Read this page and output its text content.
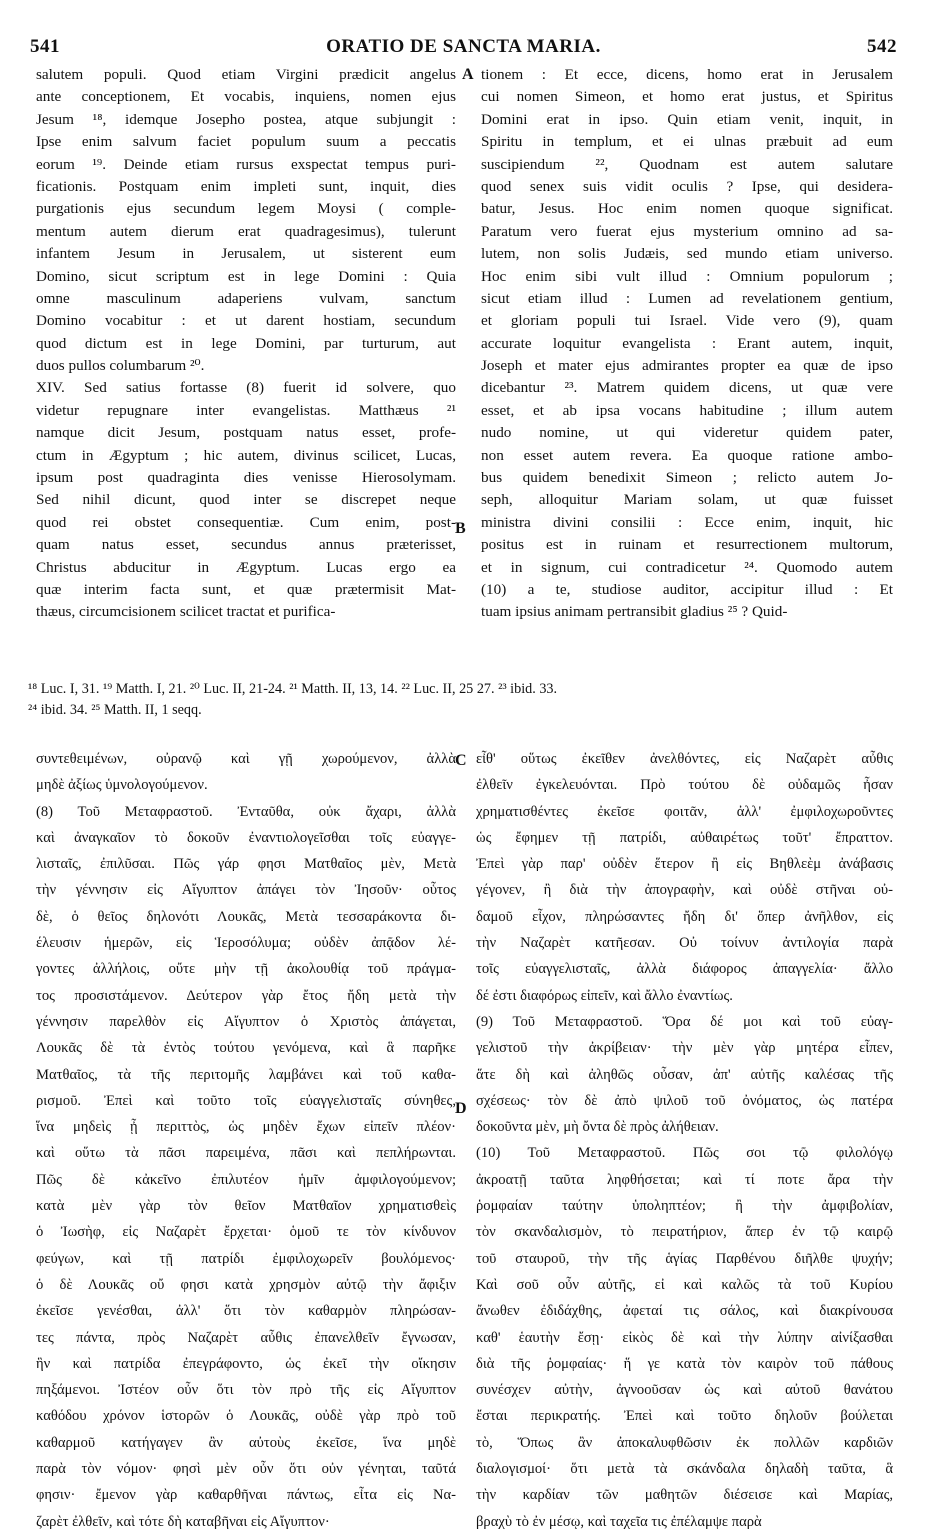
541	ORATIO DE SANCTA MARIA.	542
salutem populi. Quod etiam Virgini prædicit angelus
ante conceptionem, Et vocabis, inquiens, nomen ejus
Jesum ¹⁸, idemque Josepho postea, atque subjungit :
Ipse enim salvum faciet populum suum a peccatis
eorum ¹⁹. Deinde etiam rursus exspectat tempus puri-
ficationis. Postquam enim impleti sunt, inquit, dies
purgationis ejus secundum legem Moysi ( comple-
mentum autem dierum erat quadragesimus), tulerunt
infantem Jesum in Jerusalem, ut sisterent eum
Domino, sicut scriptum est in lege Domini : Quia
omne masculinum adaperiens vulvam, sanctum
Domino vocabitur : et ut darent hostiam, secundum
quod dictum est in lege Domini, par turturum, aut
duos pullos columbarum ²⁰.
XIV. Sed satius fortasse (8) fuerit id solvere, quo
videtur repugnare inter evangelistas. Matthæus ²¹
namque dicit Jesum, postquam natus esset, profe-
ctum in Ægyptum ; hic autem, divinus scilicet, Lucas,
ipsum post quadraginta dies venisse Hierosolymam.
Sed nihil dicunt, quod inter se discrepet neque
quod rei obstet consequentiæ. Cum enim, post-
quam natus esset, secundus annus præterisset,
Christus abducitur in Ægyptum. Lucas ergo ea
quæ interim facta sunt, et quæ prætermisit Mat-
thæus, circumcisionem scilicet tractat et purifica-
tionem : Et ecce, dicens, homo erat in Jerusalem
cui nomen Simeon, et homo erat justus, et Spiritus
Domini erat in ipso. Quin etiam venit, inquit, in
Spiritu in templum, et ei ulnas præbuit ad eum
suscipiendum ²², Quodnam est autem salutare
quod senex suis vidit oculis ? Ipse, qui desidera-
batur, Jesus. Hoc enim nomen quoque significat.
Paratum vero fuerat ejus mysterium omnino ad sa-
lutem, non solis Judæis, sed mundo etiam universo.
Hoc enim sibi vult illud : Omnium populorum ;
sicut etiam illud : Lumen ad revelationem gentium,
et gloriam populi tui Israel. Vide vero (9), quam
accurate loquitur evangelista : Erant autem, inquit,
Joseph et mater ejus admirantes propter ea quæ de ipso
dicebantur ²³. Matrem quidem dicens, ut quæ vere
esset, et ab ipsa vocans habitudine ; illum autem
nudo nomine, ut qui videretur quidem pater,
non esset autem revera. Ea quoque ratione ambo-
bus quidem benedixit Simeon ; relicto autem Jo-
seph, alloquitur Mariam solam, ut quæ fuisset
ministra divini consilii : Ecce enim, inquit, hic
positus est in ruinam et resurrectionem multorum,
et in signum, cui contradicetur ²⁴. Quomodo autem
(10) a te, studiose auditor, accipitur illud : Et
tuam ipsius animam pertransibit gladius ²⁵ ? Quid-
A
B
C
D
¹⁸ Luc. I, 31. ¹⁹ Matth. I, 21. ²⁰ Luc. II, 21-24. ²¹ Matth. II, 13, 14. ²² Luc. II, 25 27. ²³ ibid. 33.
²⁴ ibid. 34. ²⁵ Matth. II, 1 seqq.
συντεθειμένων, οὐρανῷ καὶ γῇ χωρούμενον, ἀλλὰ
μηδὲ ἀξίως ὑμνολογούμενον.
(8) Τοῦ Μεταφραστοῦ. Ἐνταῦθα, οὐκ ἄχαρι, ἀλλὰ
καὶ ἀναγκαῖον τὸ δοκοῦν ἐναντιολογεῖσθαι τοῖς εὐαγγε-
λισταῖς, ἐπιλῦσαι. Πῶς γάρ φησι Ματθαῖος μὲν, Μετὰ
τὴν γέννησιν εἰς Αἴγυπτον ἀπάγει τὸν Ἰησοῦν· οὗτος
δὲ, ὁ θεῖος δηλονότι Λουκᾶς, Μετὰ τεσσαράκοντα δι-
έλευσιν ἡμερῶν, εἰς Ἱεροσόλυμα; οὐδὲν ἀπᾷδον λέ-
γοντες ἀλλήλοις, οὔτε μὴν τῇ ἀκολουθίᾳ τοῦ πράγμα-
τος προσιστάμενον. Δεύτερον γὰρ ἔτος ἤδη μετὰ τὴν
γέννησιν παρελθὸν εἰς Αἴγυπτον ὁ Χριστὸς ἀπάγεται,
Λουκᾶς δὲ τὰ ἐντὸς τούτου γενόμενα, καὶ ἃ παρῆκε
Ματθαῖος, τὰ τῆς περιτομῆς λαμβάνει καὶ τοῦ καθα-
ρισμοῦ. Ἐπεὶ καὶ τοῦτο τοῖς εὐαγγελισταῖς σύνηθες,
ἵνα μηδεὶς ᾖ περιττὸς, ὡς μηδὲν ἔχων εἰπεῖν πλέον·
καὶ οὕτω τὰ πᾶσι παρειμένα, πᾶσι καὶ πεπλήρωνται.
Πῶς δὲ κἀκεῖνο ἐπιλυτέον ἡμῖν ἀμφιλογούμενον;
κατὰ μὲν γὰρ τὸν θεῖον Ματθαῖον χρηματισθεὶς
ὁ Ἰωσὴφ, εἰς Ναζαρὲτ ἔρχεται· ὁμοῦ τε τὸν κίνδυνον
φεύγων, καὶ τῇ πατρίδι ἐμφιλοχωρεῖν βουλόμενος·
ὁ δὲ Λουκᾶς οὔ φησι κατὰ χρησμὸν αὐτῷ τὴν ἄφιξιν
ἐκεῖσε γενέσθαι, ἀλλ' ὅτι τὸν καθαρμὸν πληρώσαν-
τες πάντα, πρὸς Ναζαρὲτ αὖθις ἐπανελθεῖν ἔγνωσαν,
ἣν καὶ πατρίδα ἐπεγράφοντο, ὡς ἐκεῖ τὴν οἴκησιν
πηξάμενοι. Ἰστέον οὖν ὅτι τὸν πρὸ τῆς εἰς Αἴγυπτον
καθόδου χρόνον ἱστορῶν ὁ Λουκᾶς, οὐδὲ γὰρ πρὸ τοῦ
καθαρμοῦ κατήγαγεν ἂν αὐτοὺς ἐκεῖσε, ἵνα μηδὲ
παρὰ τὸν νόμον· φησὶ μὲν οὖν ὅτι οὐν γένηται, ταῦτά
φησιν· ἔμενον γὰρ καθαρθῆναι πάντως, εἶτα εἰς Να-
ζαρὲτ ἐλθεῖν, καὶ τότε δὴ καταβῆναι εἰς Αἴγυπτον·
εἶθ' οὕτως ἐκεῖθεν ἀνελθόντες, εἰς Ναζαρὲτ αὖθις
ἐλθεῖν ἐγκελευόνται. Πρὸ τούτου δὲ οὐδαμῶς ἦσαν
χρηματισθέντες ἐκεῖσε φοιτᾶν, ἀλλ' ἐμφιλοχωροῦντες
ὡς ἔφημεν τῇ πατρίδι, αὐθαιρέτως τοῦτ' ἔπραττον.
Ἐπεὶ γὰρ παρ' οὐδὲν ἕτερον ἢ εἰς Βηθλεὲμ ἀνάβασις
γέγονεν, ἢ διὰ τὴν ἀπογραφὴν, καὶ οὐδὲ στῆναι οὐ-
δαμοῦ εἶχον, πληρώσαντες ἤδη δι' ὅπερ ἀνῆλθον, εἰς
τὴν Ναζαρὲτ κατῆεσαν. Οὐ τοίνυν ἀντιλογία παρὰ
τοῖς εὐαγγελισταῖς, ἀλλὰ διάφορος ἀπαγγελία· ἄλλο
δέ ἐστι διαφόρως εἰπεῖν, καὶ ἄλλο ἐναντίως.
(9) Τοῦ Μεταφραστοῦ. Ὅρα δέ μοι καὶ τοῦ εὐαγ-
γελιστοῦ τὴν ἀκρίβειαν· τὴν μὲν γὰρ μητέρα εἶπεν,
ἅτε δὴ καὶ ἀληθῶς οὖσαν, ἀπ' αὐτῆς καλέσας τῆς
σχέσεως· τὸν δὲ ἀπὸ ψιλοῦ τοῦ ὀνόματος, ὡς πατέρα
δοκοῦντα μὲν, μὴ ὄντα δὲ πρὸς ἀλήθειαν.
(10) Τοῦ Μεταφραστοῦ. Πῶς σοι τῷ φιλολόγῳ
ἀκροατῇ ταῦτα ληφθήσεται; καὶ τί ποτε ἄρα τὴν
ῥομφαίαν ταύτην ὑποληπτέον; ἢ τὴν ἀμφιβολίαν,
τὸν σκανδαλισμὸν, τὸ πειρατήριον, ἅπερ ἐν τῷ καιρῷ
τοῦ σταυροῦ, τὴν τῆς ἁγίας Παρθένου διῆλθε ψυχήν;
Καὶ σοῦ οὖν αὐτῆς, εἰ καὶ καλῶς τὰ τοῦ Κυρίου
ἄνωθεν ἐδιδάχθης, ἀφεταί τις σάλος, καὶ διακρίνουσα
καθ' ἑαυτὴν ἔσῃ· εἰκὸς δὲ καὶ τὴν λύπην αἰνίξασθαι
διὰ τῆς ῥομφαίας· ἥ γε κατὰ τὸν καιρὸν τοῦ πάθους
συνέσχεν αὐτὴν, ἀγνοοῦσαν ὡς καὶ αὐτοῦ θανάτου
ἔσται περικρατής. Ἐπεὶ καὶ τοῦτο δηλοῦν βούλεται
τὸ, Ὅπως ἂν ἀποκαλυφθῶσιν ἐκ πολλῶν καρδιῶν
διαλογισμοί· ὅτι μετὰ τὰ σκάνδαλα δηλαδὴ ταῦτα, ἃ
τὴν καρδίαν τῶν μαθητῶν διέσεισε καὶ Μαρίας,
βραχὺ τὸ ἐν μέσῳ, καὶ ταχεῖα τις ἐπέλαμψε παρὰ
